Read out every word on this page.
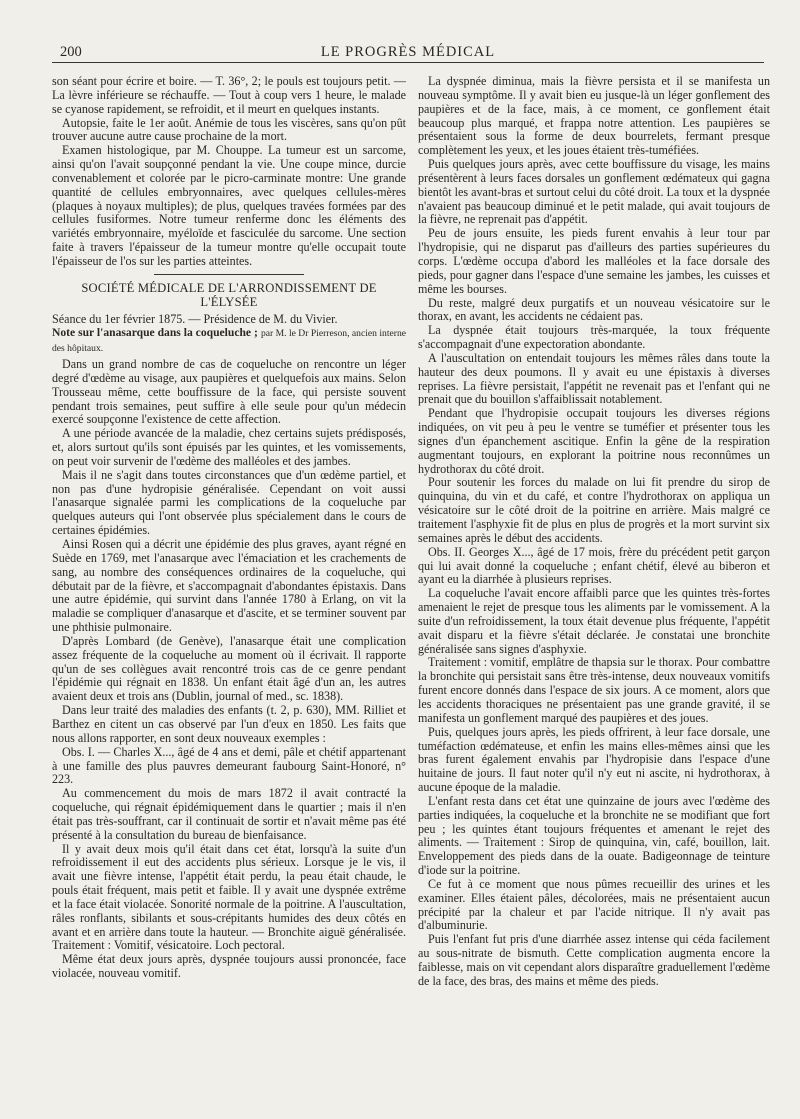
200	LE PROGRÈS MÉDICAL

son séant pour écrire et boire. — T. 36°, 2; le pouls est toujours petit. — La lèvre inférieure se réchauffe. — Tout à coup vers 1 heure, le malade se cyanose rapidement, se refroidit, et il meurt en quelques instants.

Autopsie, faite le 1er août. Anémie de tous les viscères, sans qu'on pût trouver aucune autre cause prochaine de la mort.

Examen histologique, par M. Chouppe. La tumeur est un sarcome, ainsi qu'on l'avait soupçonné pendant la vie. Une coupe mince, durcie convenablement et colorée par le picro-carminate montre: Une grande quantité de cellules embryonnaires, avec quelques cellules-mères (plaques à noyaux multiples); de plus, quelques travées formées par des cellules fusiformes. Notre tumeur renferme donc les éléments des variétés embryonnaire, myéloïde et fasciculée du sarcome. Une section faite à travers l'épaisseur de la tumeur montre qu'elle occupait toute l'épaisseur de l'os sur les parties atteintes.

SOCIÉTÉ MÉDICALE DE L'ARRONDISSEMENT DE L'ÉLYSÉE

Séance du 1er février 1875. — Présidence de M. du Vivier.

Note sur l'anasarque dans la coqueluche ; par M. le Dr Pierreson, ancien interne des hôpitaux.

Dans un grand nombre de cas de coqueluche on rencontre un léger degré d'œdème au visage, aux paupières et quelquefois aux mains. Selon Trousseau même, cette bouffissure de la face, qui persiste souvent pendant trois semaines, peut suffire à elle seule pour qu'un médecin exercé soupçonne l'existence de cette affection.

A une période avancée de la maladie, chez certains sujets prédisposés, et, alors surtout qu'ils sont épuisés par les quintes, et les vomissements, on peut voir survenir de l'œdème des malléoles et des jambes.

Mais il ne s'agit dans toutes circonstances que d'un œdème partiel, et non pas d'une hydropisie généralisée. Cependant on voit aussi l'anasarque signalée parmi les complications de la coqueluche par quelques auteurs qui l'ont observée plus spécialement dans le cours de certaines épidémies.

Ainsi Rosen qui a décrit une épidémie des plus graves, ayant régné en Suède en 1769, met l'anasarque avec l'émaciation et les crachements de sang, au nombre des conséquences ordinaires de la coqueluche, qui débutait par de la fièvre, et s'accompagnait d'abondantes épistaxis. Dans une autre épidémie, qui survint dans l'année 1780 à Erlang, on vit la maladie se compliquer d'anasarque et d'ascite, et se terminer souvent par une phthisie pulmonaire.

D'après Lombard (de Genève), l'anasarque était une complication assez fréquente de la coqueluche au moment où il écrivait. Il rapporte qu'un de ses collègues avait rencontré trois cas de ce genre pendant l'épidémie qui régnait en 1838. Un enfant était âgé d'un an, les autres avaient deux et trois ans (Dublin, journal of med., sc. 1838).

Dans leur traité des maladies des enfants (t. 2, p. 630), MM. Rilliet et Barthez en citent un cas observé par l'un d'eux en 1850. Les faits que nous allons rapporter, en sont deux nouveaux exemples :

Obs. I. — Charles X..., âgé de 4 ans et demi, pâle et chétif appartenant à une famille des plus pauvres demeurant faubourg Saint-Honoré, n° 223.

Au commencement du mois de mars 1872 il avait contracté la coqueluche, qui régnait épidémiquement dans le quartier ; mais il n'en était pas très-souffrant, car il continuait de sortir et n'avait même pas été présenté à la consultation du bureau de bienfaisance.

Il y avait deux mois qu'il était dans cet état, lorsqu'à la suite d'un refroidissement il eut des accidents plus sérieux. Lorsque je le vis, il avait une fièvre intense, l'appétit était perdu, la peau était chaude, le pouls était fréquent, mais petit et faible. Il y avait une dyspnée extrême et la face était violacée. Sonorité normale de la poitrine. A l'auscultation, râles ronflants, sibilants et sous-crépitants humides des deux côtés en avant et en arrière dans toute la hauteur. — Bronchite aiguë généralisée. Traitement : Vomitif, vésicatoire. Loch pectoral.

Même état deux jours après, dyspnée toujours aussi prononcée, face violacée, nouveau vomitif.

La dyspnée diminua, mais la fièvre persista et il se manifesta un nouveau symptôme. Il y avait bien eu jusque-là un léger gonflement des paupières et de la face, mais, à ce moment, ce gonflement était beaucoup plus marqué, et frappa notre attention. Les paupières se présentaient sous la forme de deux bourrelets, fermant presque complètement les yeux, et les joues étaient très-tuméfiées.

Puis quelques jours après, avec cette bouffissure du visage, les mains présentèrent à leurs faces dorsales un gonflement œdémateux qui gagna bientôt les avant-bras et surtout celui du côté droit. La toux et la dyspnée n'avaient pas beaucoup diminué et le petit malade, qui avait toujours de la fièvre, ne reprenait pas d'appétit.

Peu de jours ensuite, les pieds furent envahis à leur tour par l'hydropisie, qui ne disparut pas d'ailleurs des parties supérieures du corps. L'œdème occupa d'abord les malléoles et la face dorsale des pieds, pour gagner dans l'espace d'une semaine les jambes, les cuisses et même les bourses.

Du reste, malgré deux purgatifs et un nouveau vésicatoire sur le thorax, en avant, les accidents ne cédaient pas.

La dyspnée était toujours très-marquée, la toux fréquente s'accompagnait d'une expectoration abondante.

A l'auscultation on entendait toujours les mêmes râles dans toute la hauteur des deux poumons. Il y avait eu une épistaxis à diverses reprises. La fièvre persistait, l'appétit ne revenait pas et l'enfant qui ne prenait que du bouillon s'affaiblissait notablement.

Pendant que l'hydropisie occupait toujours les diverses régions indiquées, on vit peu à peu le ventre se tuméfier et présenter tous les signes d'un épanchement ascitique. Enfin la gêne de la respiration augmentant toujours, en explorant la poitrine nous reconnûmes un hydrothorax du côté droit.

Pour soutenir les forces du malade on lui fit prendre du sirop de quinquina, du vin et du café, et contre l'hydrothorax on appliqua un vésicatoire sur le côté droit de la poitrine en arrière. Mais malgré ce traitement l'asphyxie fit de plus en plus de progrès et la mort survint six semaines après le début des accidents.

Obs. II. Georges X..., âgé de 17 mois, frère du précédent petit garçon qui lui avait donné la coqueluche ; enfant chétif, élevé au biberon et ayant eu la diarrhée à plusieurs reprises.

La coqueluche l'avait encore affaibli parce que les quintes très-fortes amenaient le rejet de presque tous les aliments par le vomissement. A la suite d'un refroidissement, la toux était devenue plus fréquente, l'appétit avait disparu et la fièvre s'était déclarée. Je constatai une bronchite généralisée sans signes d'asphyxie.

Traitement : vomitif, emplâtre de thapsia sur le thorax. Pour combattre la bronchite qui persistait sans être très-intense, deux nouveaux vomitifs furent encore donnés dans l'espace de six jours. A ce moment, alors que les accidents thoraciques ne présentaient pas une grande gravité, il se manifesta un gonflement marqué des paupières et des joues.

Puis, quelques jours après, les pieds offrirent, à leur face dorsale, une tuméfaction œdémateuse, et enfin les mains elles-mêmes ainsi que les bras furent également envahis par l'hydropisie dans l'espace d'une huitaine de jours. Il faut noter qu'il n'y eut ni ascite, ni hydrothorax, à aucune époque de la maladie.

L'enfant resta dans cet état une quinzaine de jours avec l'œdème des parties indiquées, la coqueluche et la bronchite ne se modifiant que fort peu ; les quintes étant toujours fréquentes et amenant le rejet des aliments. — Traitement : Sirop de quinquina, vin, café, bouillon, lait. Enveloppement des pieds dans de la ouate. Badigeonnage de teinture d'iode sur la poitrine.

Ce fut à ce moment que nous pûmes recueillir des urines et les examiner. Elles étaient pâles, décolorées, mais ne présentaient aucun précipité par la chaleur et par l'acide nitrique. Il n'y avait pas d'albuminurie.

Puis l'enfant fut pris d'une diarrhée assez intense qui céda facilement au sous-nitrate de bismuth. Cette complication augmenta encore la faiblesse, mais on vit cependant alors disparaître graduellement l'œdème de la face, des bras, des mains et même des pieds.
